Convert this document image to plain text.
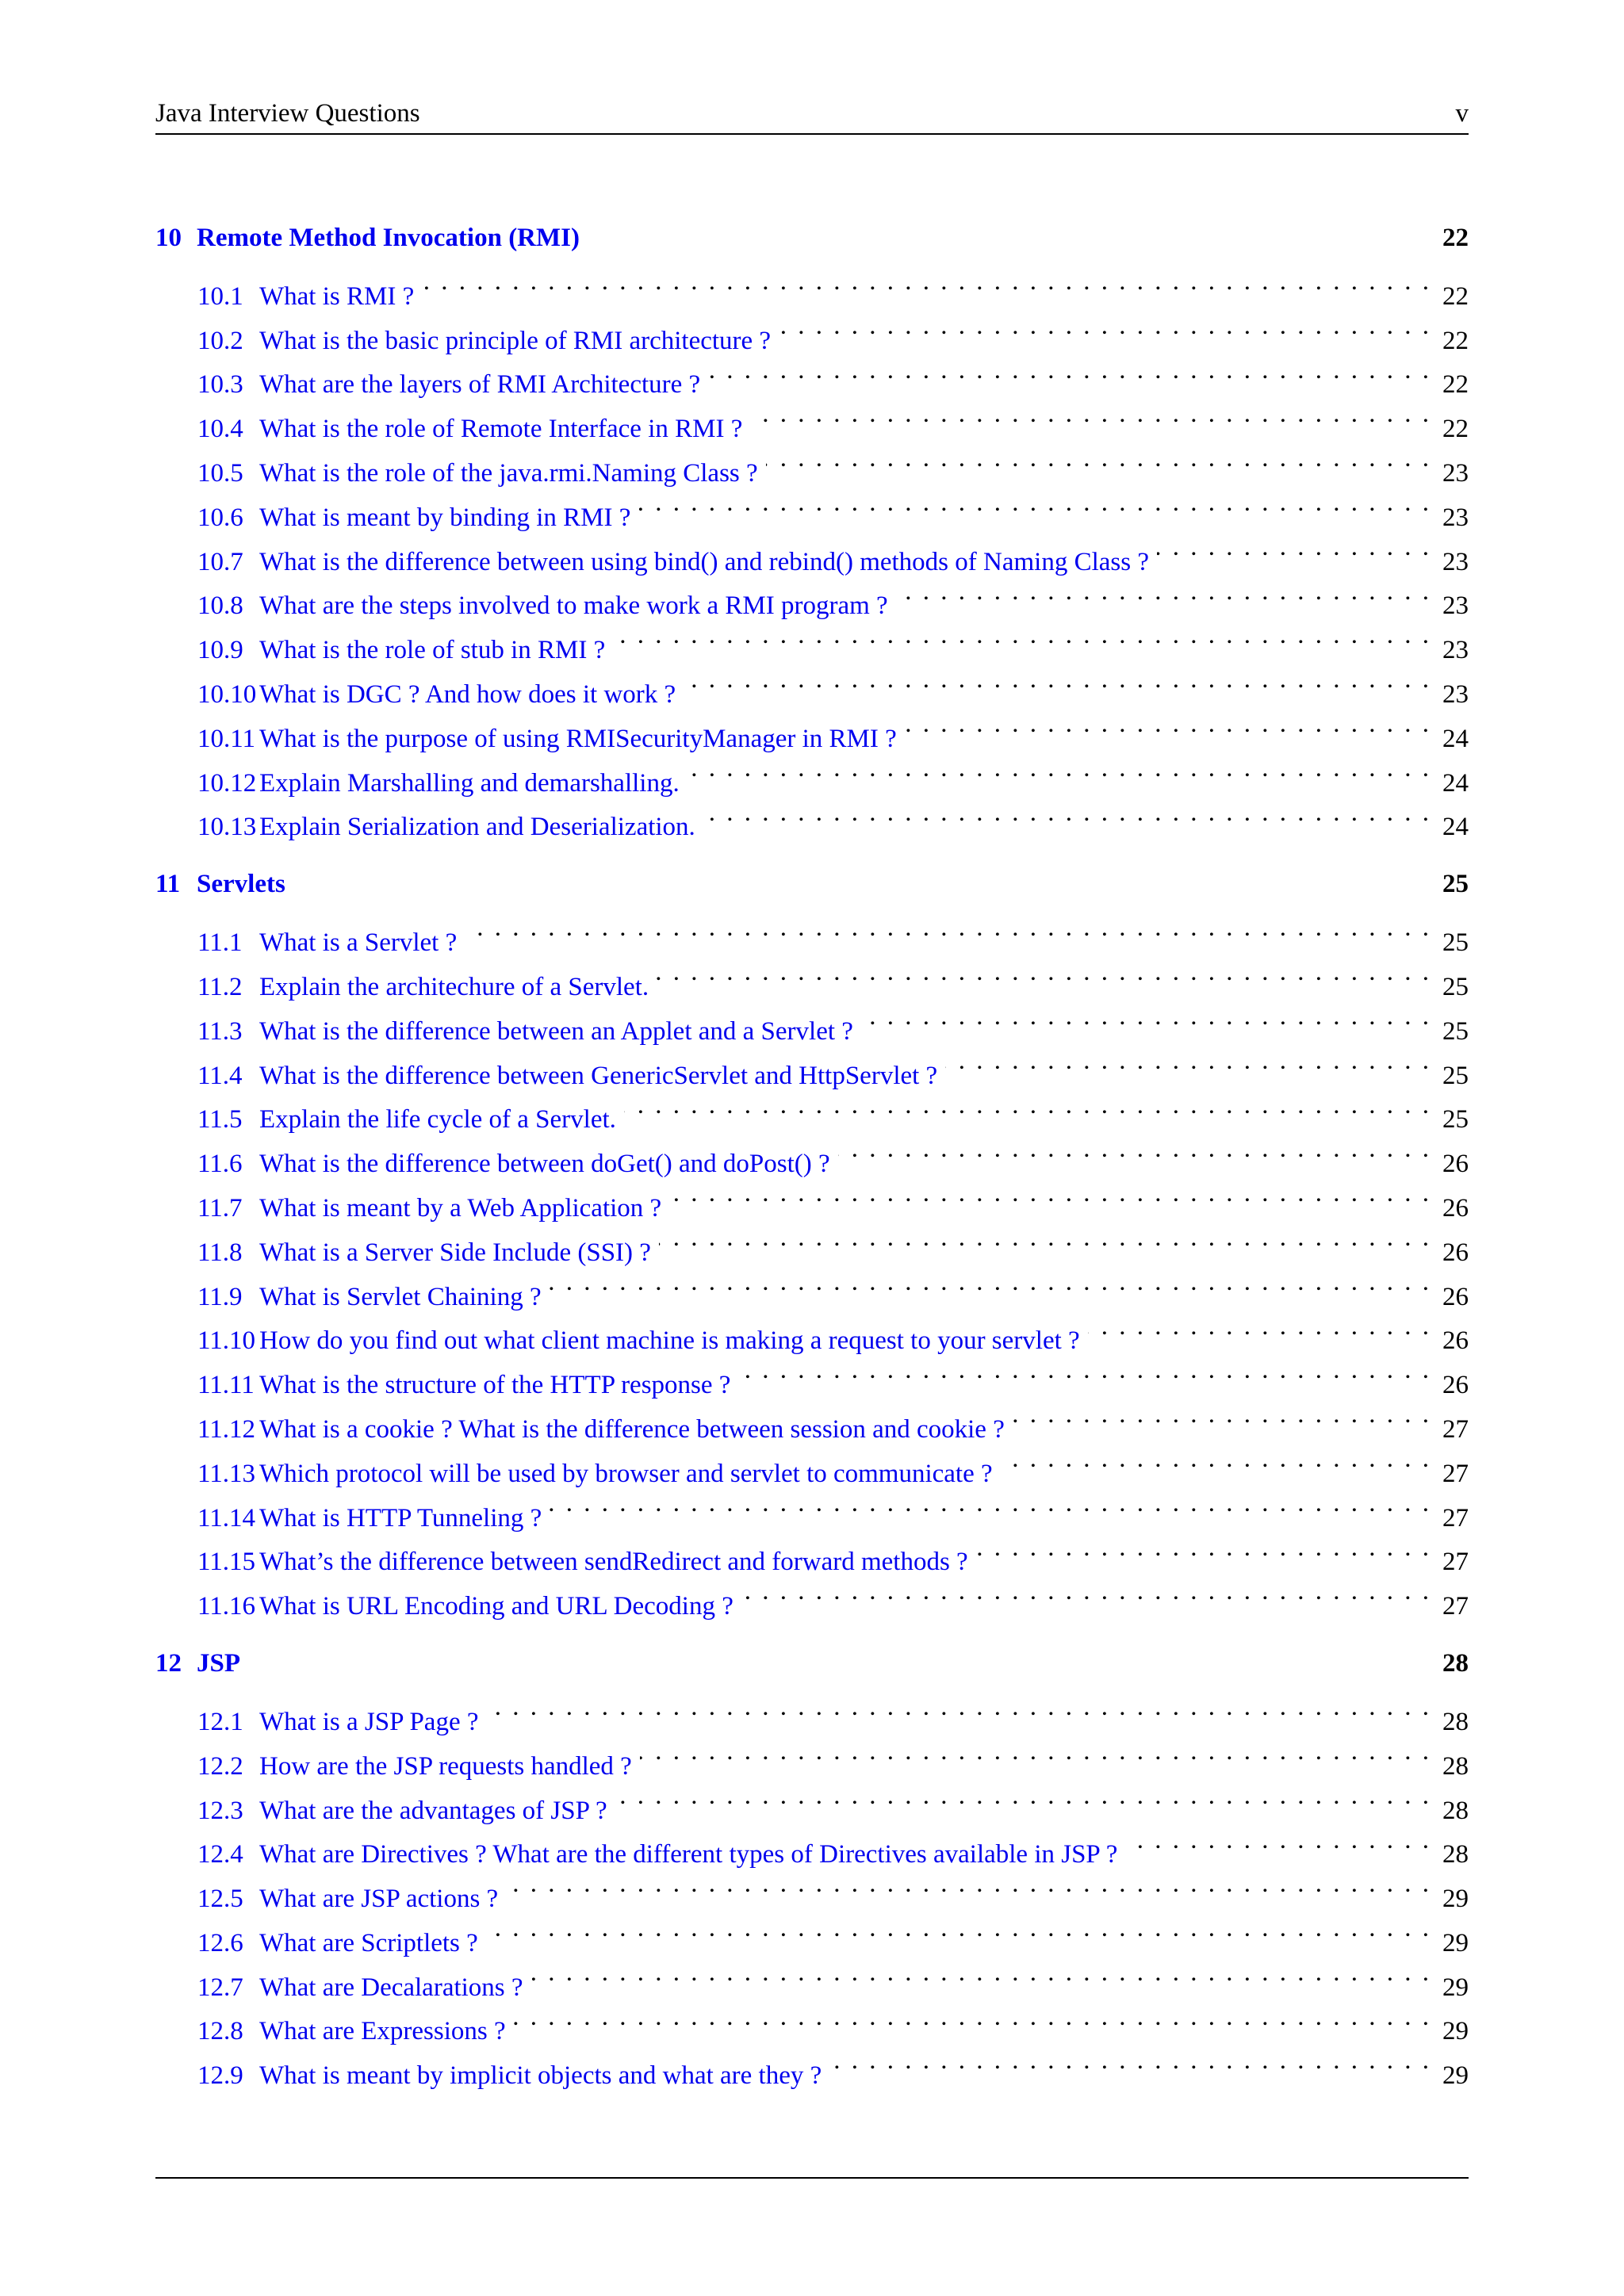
Java Interview Questions	v
10 Remote Method Invocation (RMI)	22
10.1 What is RMI ? . . .	22
10.2 What is the basic principle of RMI architecture ? . . .	22
10.3 What are the layers of RMI Architecture ? . . .	22
10.4 What is the role of Remote Interface in RMI ? . . .	22
10.5 What is the role of the java.rmi.Naming Class ? . . .	23
10.6 What is meant by binding in RMI ? . . .	23
10.7 What is the difference between using bind() and rebind() methods of Naming Class ? . . .	23
10.8 What are the steps involved to make work a RMI program ? . . .	23
10.9 What is the role of stub in RMI ? . . .	23
10.10 What is DGC ? And how does it work ? . . .	23
10.11 What is the purpose of using RMISecurityManager in RMI ? . . .	24
10.12 Explain Marshalling and demarshalling. . . .	24
10.13 Explain Serialization and Deserialization. . . .	24
11 Servlets	25
11.1 What is a Servlet ? . . .	25
11.2 Explain the architechure of a Servlet. . . .	25
11.3 What is the difference between an Applet and a Servlet ? . . .	25
11.4 What is the difference between GenericServlet and HttpServlet ? . . .	25
11.5 Explain the life cycle of a Servlet. . . .	25
11.6 What is the difference between doGet() and doPost() ? . . .	26
11.7 What is meant by a Web Application ? . . .	26
11.8 What is a Server Side Include (SSI) ? . . .	26
11.9 What is Servlet Chaining ? . . .	26
11.10 How do you find out what client machine is making a request to your servlet ? . . .	26
11.11 What is the structure of the HTTP response ? . . .	26
11.12 What is a cookie ? What is the difference between session and cookie ? . . .	27
11.13 Which protocol will be used by browser and servlet to communicate ? . . .	27
11.14 What is HTTP Tunneling ? . . .	27
11.15 What’s the difference between sendRedirect and forward methods ? . . .	27
11.16 What is URL Encoding and URL Decoding ? . . .	27
12 JSP	28
12.1 What is a JSP Page ? . . .	28
12.2 How are the JSP requests handled ? . . .	28
12.3 What are the advantages of JSP ? . . .	28
12.4 What are Directives ? What are the different types of Directives available in JSP ? . . .	28
12.5 What are JSP actions ? . . .	29
12.6 What are Scriptlets ? . . .	29
12.7 What are Decalarations ? . . .	29
12.8 What are Expressions ? . . .	29
12.9 What is meant by implicit objects and what are they ? . . .	29
